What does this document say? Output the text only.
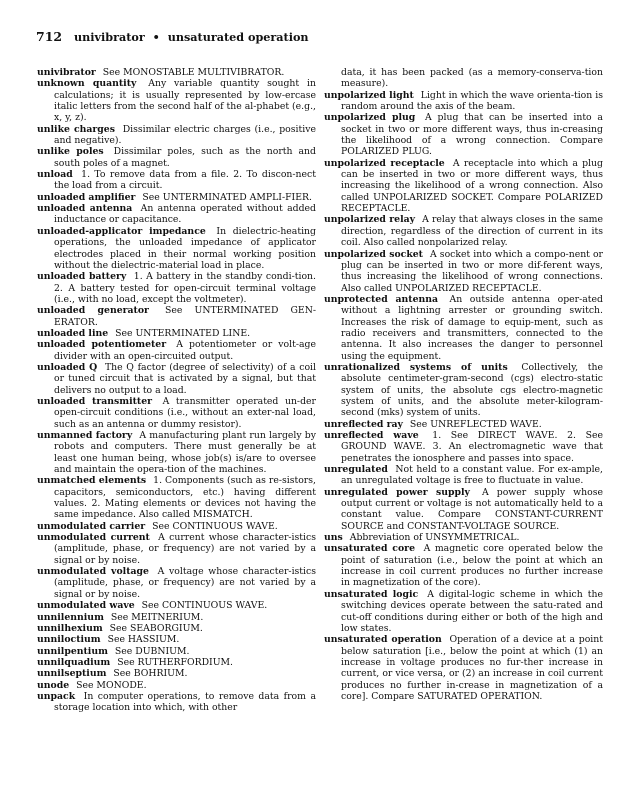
712 univibrator • unsaturated operation

univibrator See MONOSTABLE MULTIVIBRATOR.

unknown quantity Any variable quantity sought in calculations; it is usually represented by low-ercase italic letters from the second half of the al-phabet (e.g., x, y, z).

unlike charges Dissimilar electric charges (i.e., positive and negative).

unlike poles Dissimilar poles, such as the north and south poles of a magnet.

unload 1. To remove data from a file. 2. To discon-nect the load from a circuit.

unloaded amplifier See UNTERMINATED AMPLI-FIER.

unloaded antenna An antenna operated without added inductance or capacitance.

unloaded-applicator impedance In dielectric-heating operations, the unloaded impedance of applicator electrodes placed in their normal working position without the dielectric-material load in place.

unloaded battery 1. A battery in the standby condi-tion. 2. A battery tested for open-circuit terminal voltage (i.e., with no load, except the voltmeter).

unloaded generator See UNTERMINATED GEN-ERATOR.

unloaded line See UNTERMINATED LINE.

unloaded potentiometer A potentiometer or volt-age divider with an open-circuited output.

unloaded Q The Q factor (degree of selectivity) of a coil or tuned circuit that is activated by a signal, but that delivers no output to a load.

unloaded transmitter A transmitter operated un-der open-circuit conditions (i.e., without an exter-nal load, such as an antenna or dummy resistor).

unmanned factory A manufacturing plant run largely by robots and computers. There must generally be at least one human being, whose job(s) is/are to oversee and maintain the opera-tion of the machines.

unmatched elements 1. Components (such as re-sistors, capacitors, semiconductors, etc.) having different values. 2. Mating elements or devices not having the same impedance. Also called MISMATCH.

unmodulated carrier See CONTINUOUS WAVE.

unmodulated current A current whose character-istics (amplitude, phase, or frequency) are not varied by a signal or by noise.

unmodulated voltage A voltage whose character-istics (amplitude, phase, or frequency) are not varied by a signal or by noise.

unmodulated wave See CONTINUOUS WAVE.

unnilennium See MEITNERIUM.

unnilhexium See SEABORGIUM.

unniloctium See HASSIUM.

unnilpentium See DUBNIUM.

unnilquadium See RUTHERFORDIUM.

unnilseptium See BOHRIUM.

unode See MONODE.

unpack In computer operations, to remove data from a storage location into which, with other

data, it has been packed (as a memory-conserva-tion measure).

unpolarized light Light in which the wave orienta-tion is random around the axis of the beam.

unpolarized plug A plug that can be inserted into a socket in two or more different ways, thus in-creasing the likelihood of a wrong connection. Compare POLARIZED PLUG.

unpolarized receptacle A receptacle into which a plug can be inserted in two or more different ways, thus increasing the likelihood of a wrong connection. Also called UNPOLARIZED SOCKET. Compare POLARIZED RECEPTACLE.

unpolarized relay A relay that always closes in the same direction, regardless of the direction of current in its coil. Also called nonpolarized relay.

unpolarized socket A socket into which a compo-nent or plug can be inserted in two or more dif-ferent ways, thus increasing the likelihood of wrong connections. Also called UNPOLARIZED RECEPTACLE.

unprotected antenna An outside antenna oper-ated without a lightning arrester or grounding switch. Increases the risk of damage to equip-ment, such as radio receivers and transmitters, connected to the antenna. It also increases the danger to personnel using the equipment.

unrationalized systems of units Collectively, the absolute centimeter-gram-second (cgs) electro-static system of units, the absolute cgs electro-magnetic system of units, and the absolute meter-kilogram-second (mks) system of units.

unreflected ray See UNREFLECTED WAVE.

unreflected wave 1. See DIRECT WAVE. 2. See GROUND WAVE. 3. An electromagnetic wave that penetrates the ionosphere and passes into space.

unregulated Not held to a constant value. For ex-ample, an unregulated voltage is free to fluctuate in value.

unregulated power supply A power supply whose output current or voltage is not automatically held to a constant value. Compare CONSTANT-CURRENT SOURCE and CONSTANT-VOLTAGE SOURCE.

uns Abbreviation of UNSYMMETRICAL.

unsaturated core A magnetic core operated below the point of saturation (i.e., below the point at which an increase in coil current produces no further increase in magnetization of the core).

unsaturated logic A digital-logic scheme in which the switching devices operate between the satu-rated and cut-off conditions during either or both of the high and low states.

unsaturated operation Operation of a device at a point below saturation [i.e., below the point at which (1) an increase in voltage produces no fur-ther increase in current, or vice versa, or (2) an increase in coil current produces no further in-crease in magnetization of a core]. Compare SATURATED OPERATION.
